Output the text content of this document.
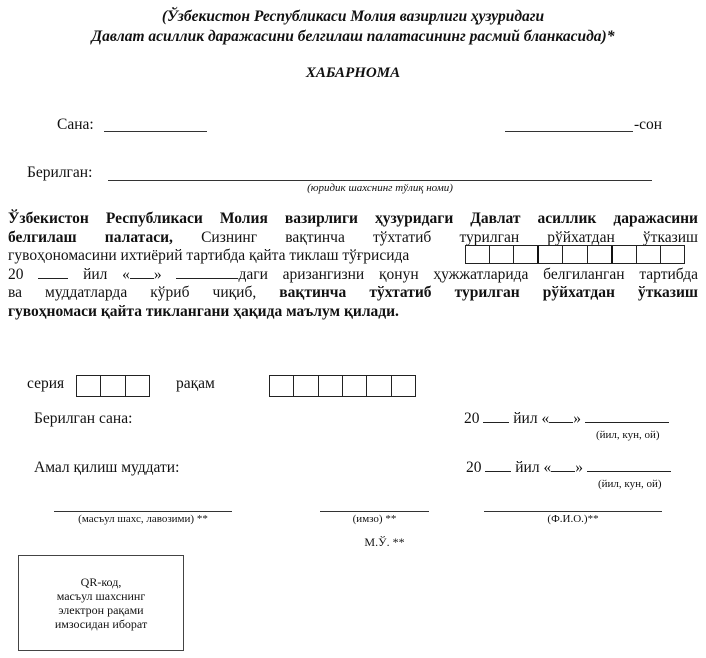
(Ўзбекистон Республикаси Молия вазирлиги ҳузуридаги
Давлат асиллик даражасини белгилаш палатасининг расмий бланкасида)*
ХАБАРНОМА
Сана:	-сон
Берилган:
(юридик шахснинг тўлиқ номи)
Ўзбекистон Республикаси Молия вазирлиги ҳузуридаги Давлат асиллик даражасини
белгилаш палатаси, Сизнинг вақтинча тўхтатиб турилган рўйхатдан ўтказиш
гувоҳономасини ихтиёрий тартибда қайта тиклаш тўғрисида
20	йил « »	даги аризангизни қонун ҳужжатларида белгиланган тартибда
ва муддатларда кўриб чиқиб, вақтинча тўхтатиб турилган рўйхатдан ўтказиш
гувоҳномаси қайта тиклангани ҳақида маълум қилади.
серия	рақам
Берилган сана:	20 йил « »
(йил, кун, ой)
Амал қилиш муддати:	20 йил « »
(йил, кун, ой)
(масъул шахс, лавозими) **	(имзо) **	(Ф.И.О.)**
М.Ў. **
QR-код,
масъул шахснинг
электрон рақами
имзосидан иборат
